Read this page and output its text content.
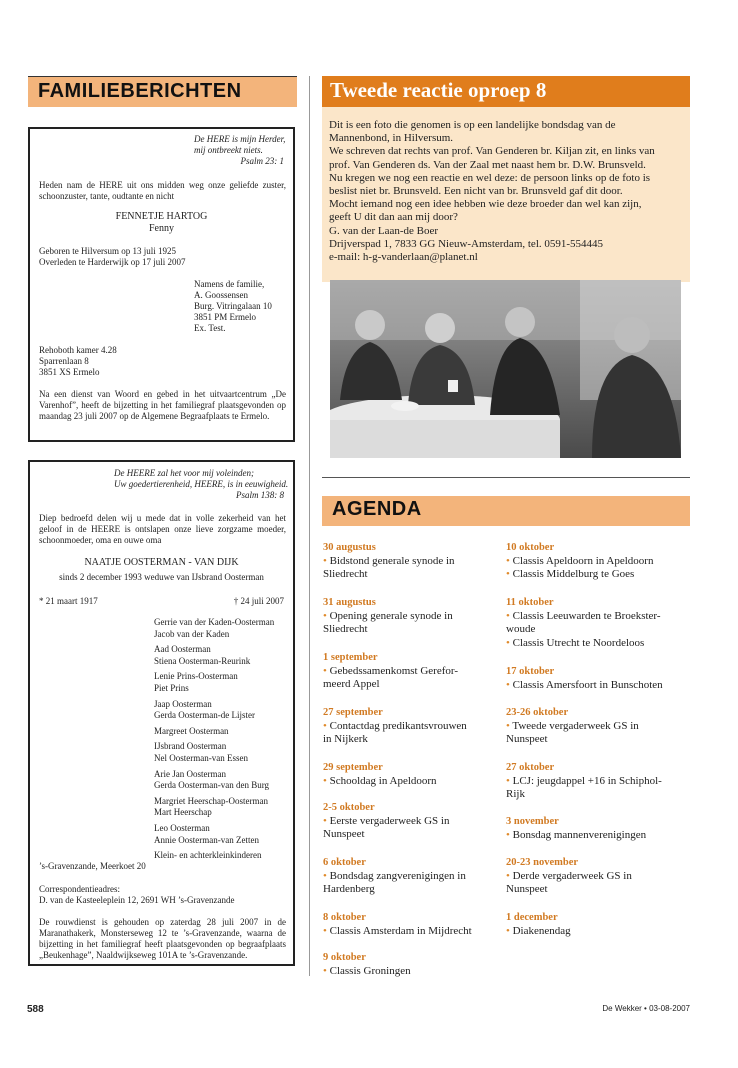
FAMILIEBERICHTEN	Tweede reactie oproep 8
De HERE is mijn Herder,
mij ontbreekt niets.
Psalm 23: 1

Heden nam de HERE uit ons midden weg onze geliefde zuster, schoonzuster, tante, oudtante en nicht

FENNETJE HARTOG
Fenny
Geboren te Hilversum op 13 juli 1925
Overleden te Harderwijk op 17 juli 2007
Namens de familie,
A. Goossensen
Burg. Vitringalaan 10
3851 PM Ermelo
Ex. Test.
Rehoboth kamer 4.28
Sparrenlaan 8
3851 XS Ermelo

Na een dienst van Woord en gebed in het uitvaartcentrum „De Varenhof”, heeft de bijzetting in het familiegraf plaatsgevonden op maandag 23 juli 2007 op de Algemene Begraafplaats te Ermelo.

De HEERE zal het voor mij voleinden;
Uw goedertierenheid, HEERE, is in eeuwigheid.
Psalm 138: 8

Diep bedroefd delen wij u mede dat in volle zekerheid van het geloof in de HEERE is ontslapen onze lieve zorgzame moeder, schoonmoeder, oma en ouwe oma

NAATJE OOSTERMAN - VAN DIJK
sinds 2 december 1993 weduwe van IJsbrand Oosterman
* 21 maart 1917	† 24 juli 2007
Gerrie van der Kaden-Oosterman
Jacob van der Kaden
Aad Oosterman
Stiena Oosterman-Reurink
Lenie Prins-Oosterman
Piet Prins
Jaap Oosterman
Gerda Oosterman-de Lijster
Margreet Oosterman
IJsbrand Oosterman
Nel Oosterman-van Essen
Arie Jan Oosterman
Gerda Oosterman-van den Burg
Margriet Heerschap-Oosterman
Mart Heerschap
Leo Oosterman
Annie Oosterman-van Zetten
Klein- en achterkleinkinderen
’s-Gravenzande, Meerkoet 20
Correspondentieadres:
D. van de Kasteeleplein 12, 2691 WH ’s-Gravenzande

De rouwdienst is gehouden op zaterdag 28 juli 2007 in de Maranathakerk, Monsterseweg 12 te ’s-Gravenzande, waarna de bijzetting in het familiegraf heeft plaatsgevonden op begraafplaats „Beukenhage”, Naaldwijkseweg 101A te ’s-Gravenzande.

Dit is een foto die genomen is op een landelijke bondsdag van de
Mannenbond, in Hilversum.
We schreven dat rechts van prof. Van Genderen br. Kiljan zit, en links van
prof. Van Genderen ds. Van der Zaal met naast hem br. D.W. Brunsveld.
Nu kregen we nog een reactie en wel deze: de persoon links op de foto is
beslist niet br. Brunsveld. Een nicht van br. Brunsveld gaf dit door.
Mocht iemand nog een idee hebben wie deze broeder dan wel kan zijn,
geeft U dit dan aan mij door?
G. van der Laan-de Boer
Drijverspad 1, 7833 GG Nieuw-Amsterdam, tel. 0591-554445
e-mail: h-g-vanderlaan@planet.nl
AGENDA
30 augustus
• Bidstond generale synode in
Sliedrecht
31 augustus
• Opening generale synode in
Sliedrecht
1 september
• Gebedssamenkomst Gerefor-
meerd Appel
27 september
• Contactdag predikantsvrouwen
in Nijkerk
29 september
• Schooldag in Apeldoorn
2-5 oktober
• Eerste vergaderweek GS in
Nunspeet
6 oktober
• Bondsdag zangverenigingen in
Hardenberg
8 oktober
• Classis Amsterdam in Mijdrecht
9 oktober
• Classis Groningen
10 oktober
• Classis Apeldoorn in Apeldoorn
• Classis Middelburg te Goes
11 oktober
• Classis Leeuwarden te Broekster-
woude
• Classis Utrecht te Noordeloos
17 oktober
• Classis Amersfoort in Bunschoten
23-26 oktober
• Tweede vergaderweek GS in
Nunspeet
27 oktober
• LCJ: jeugdappel +16 in Schiphol-
Rijk
3 november
• Bonsdag mannenverenigingen
20-23 november
• Derde vergaderweek GS in
Nunspeet
1 december
• Diakenendag
588	De Wekker • 03-08-2007
